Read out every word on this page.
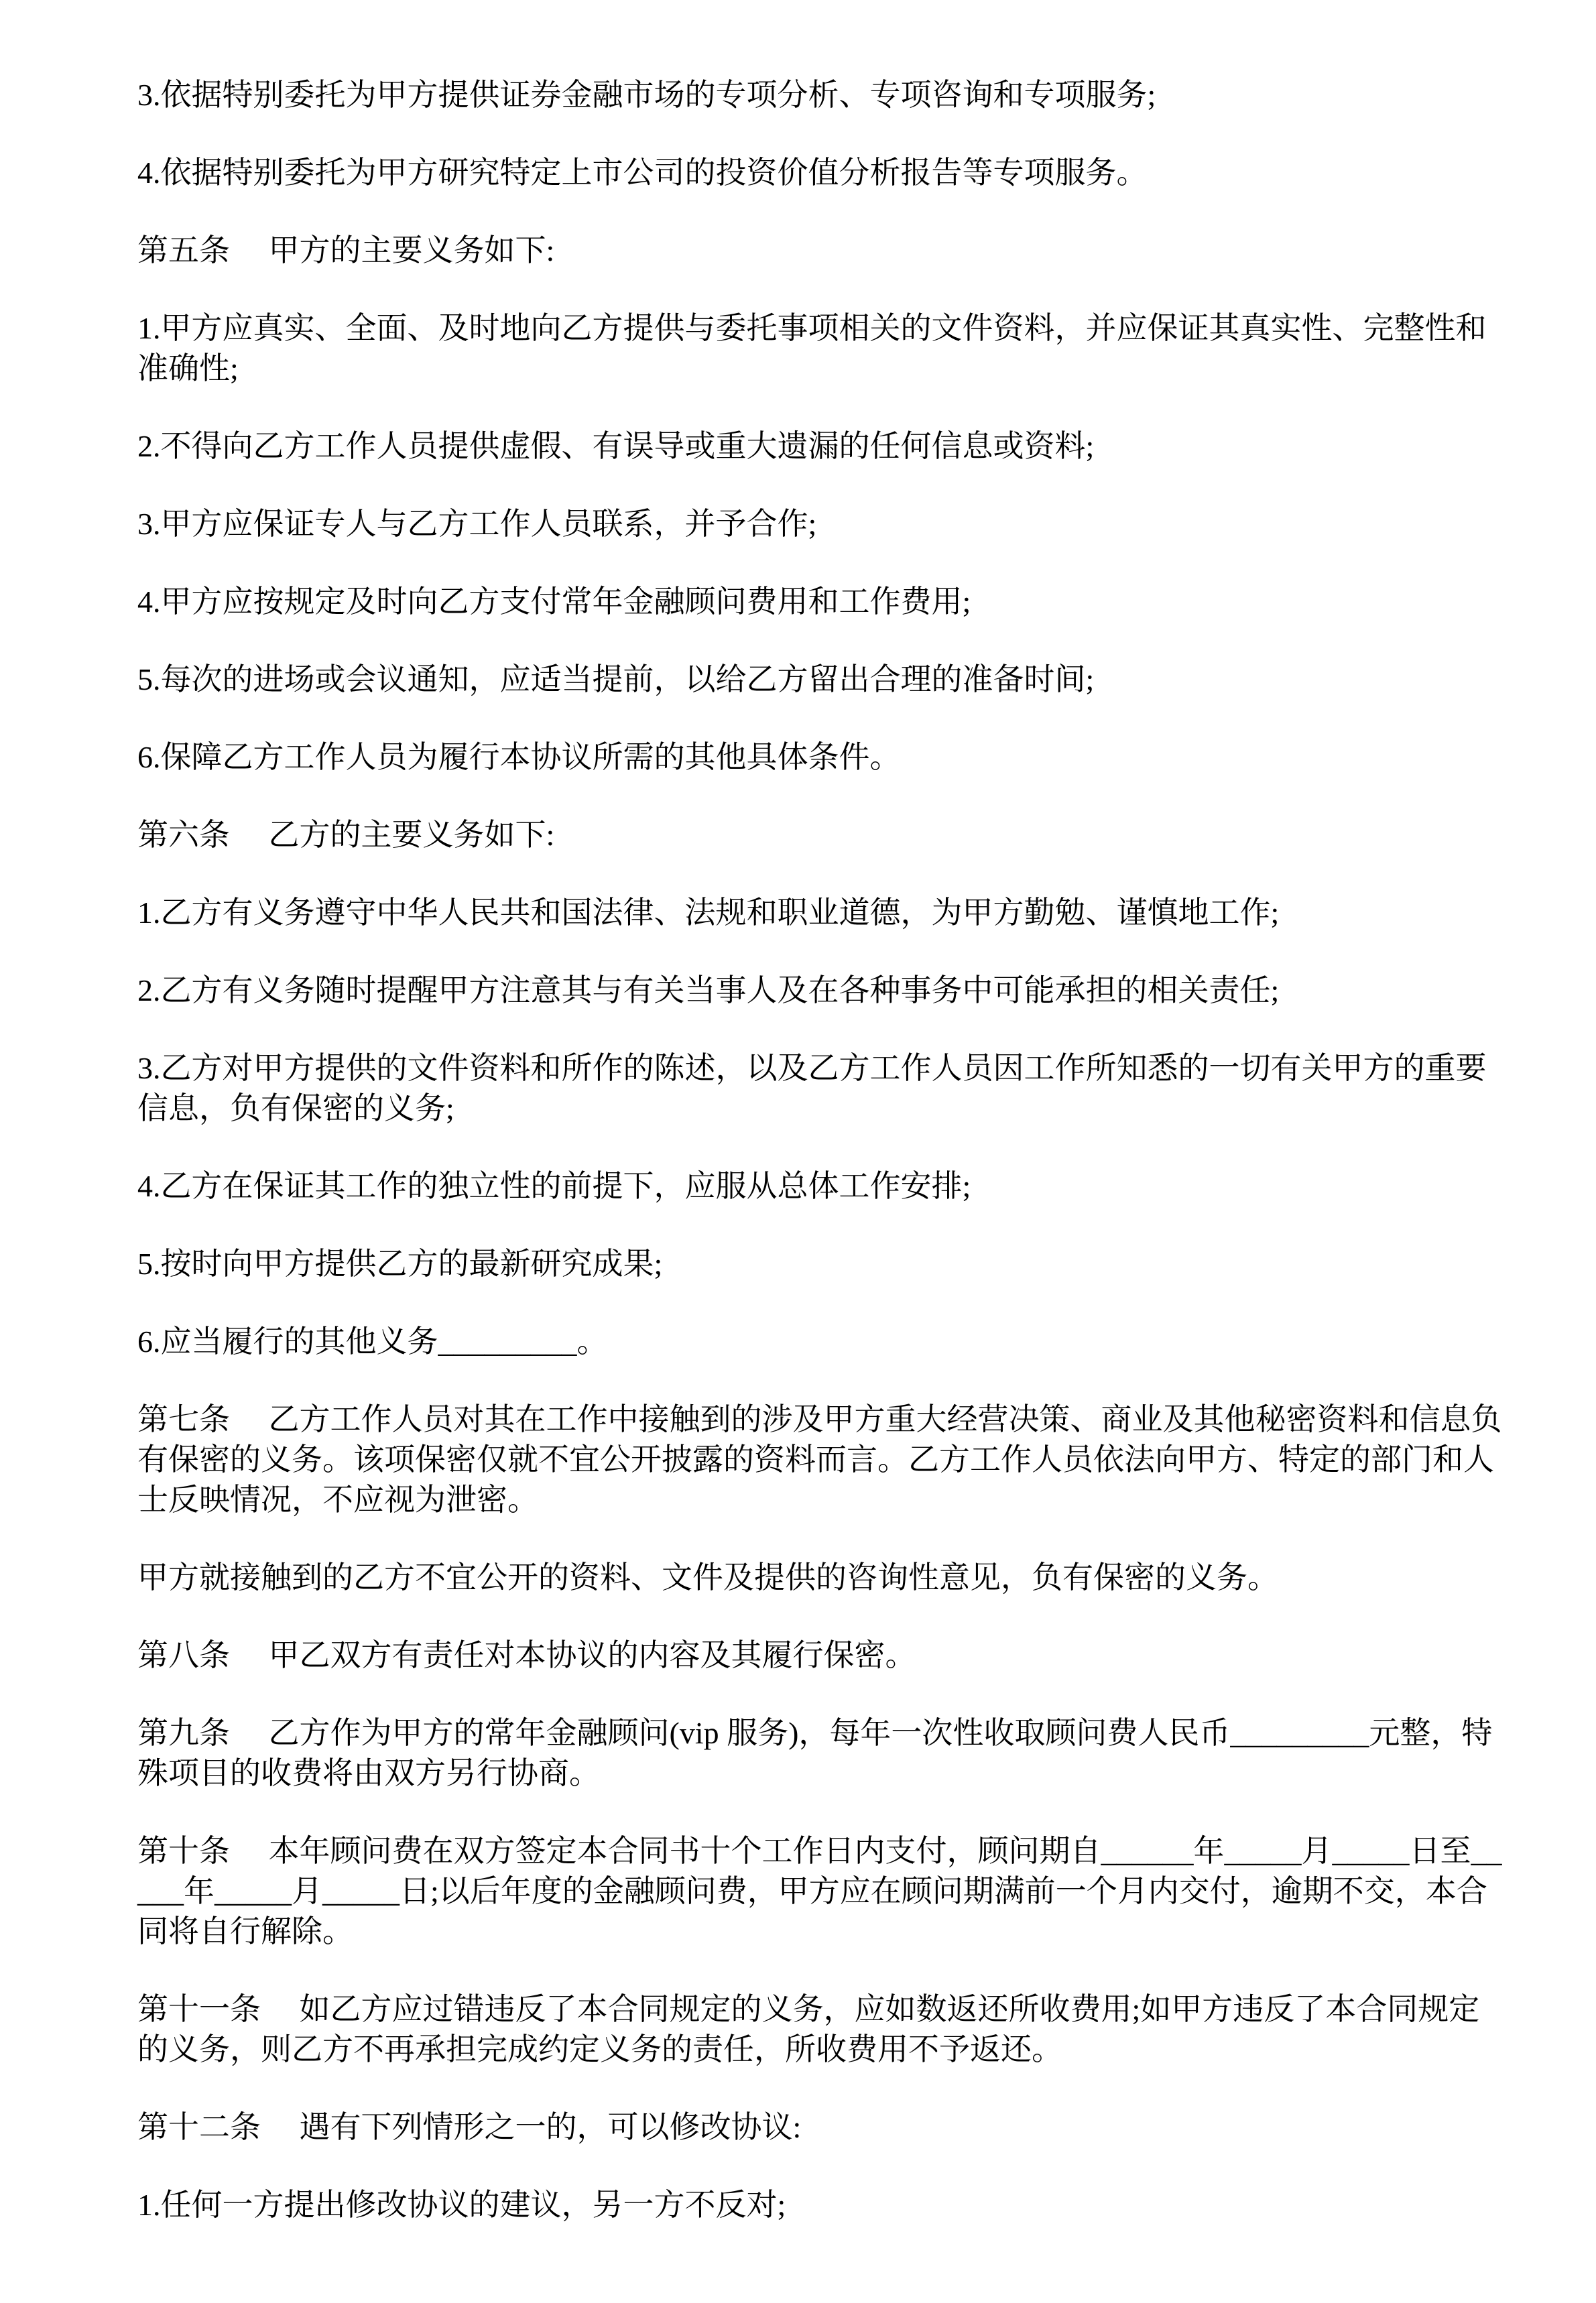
3.依据特别委托为甲方提供证券金融市场的专项分析、专项咨询和专项服务;

4.依据特别委托为甲方研究特定上市公司的投资价值分析报告等专项服务。

第五条　 甲方的主要义务如下:

1.甲方应真实、全面、及时地向乙方提供与委托事项相关的文件资料，并应保证其真实性、完整性和准确性;

2.不得向乙方工作人员提供虚假、有误导或重大遗漏的任何信息或资料;

3.甲方应保证专人与乙方工作人员联系，并予合作;

4.甲方应按规定及时向乙方支付常年金融顾问费用和工作费用;

5.每次的进场或会议通知，应适当提前，以给乙方留出合理的准备时间;

6.保障乙方工作人员为履行本协议所需的其他具体条件。

第六条　 乙方的主要义务如下:

1.乙方有义务遵守中华人民共和国法律、法规和职业道德，为甲方勤勉、谨慎地工作;

2.乙方有义务随时提醒甲方注意其与有关当事人及在各种事务中可能承担的相关责任;

3.乙方对甲方提供的文件资料和所作的陈述，以及乙方工作人员因工作所知悉的一切有关甲方的重要信息，负有保密的义务;

4.乙方在保证其工作的独立性的前提下，应服从总体工作安排;

5.按时向甲方提供乙方的最新研究成果;

6.应当履行的其他义务_________。

第七条　 乙方工作人员对其在工作中接触到的涉及甲方重大经营决策、商业及其他秘密资料和信息负有保密的义务。该项保密仅就不宜公开披露的资料而言。乙方工作人员依法向甲方、特定的部门和人士反映情况，不应视为泄密。

甲方就接触到的乙方不宜公开的资料、文件及提供的咨询性意见，负有保密的义务。

第八条　 甲乙双方有责任对本协议的内容及其履行保密。

第九条　 乙方作为甲方的常年金融顾问(vip 服务)，每年一次性收取顾问费人民币_________元整，特殊项目的收费将由双方另行协商。

第十条　 本年顾问费在双方签定本合同书十个工作日内支付，顾问期自______年_____月_____日至_____年_____月_____日;以后年度的金融顾问费，甲方应在顾问期满前一个月内交付，逾期不交，本合同将自行解除。

第十一条　 如乙方应过错违反了本合同规定的义务，应如数返还所收费用;如甲方违反了本合同规定的义务，则乙方不再承担完成约定义务的责任，所收费用不予返还。

第十二条　 遇有下列情形之一的，可以修改协议:

1.任何一方提出修改协议的建议，另一方不反对;
